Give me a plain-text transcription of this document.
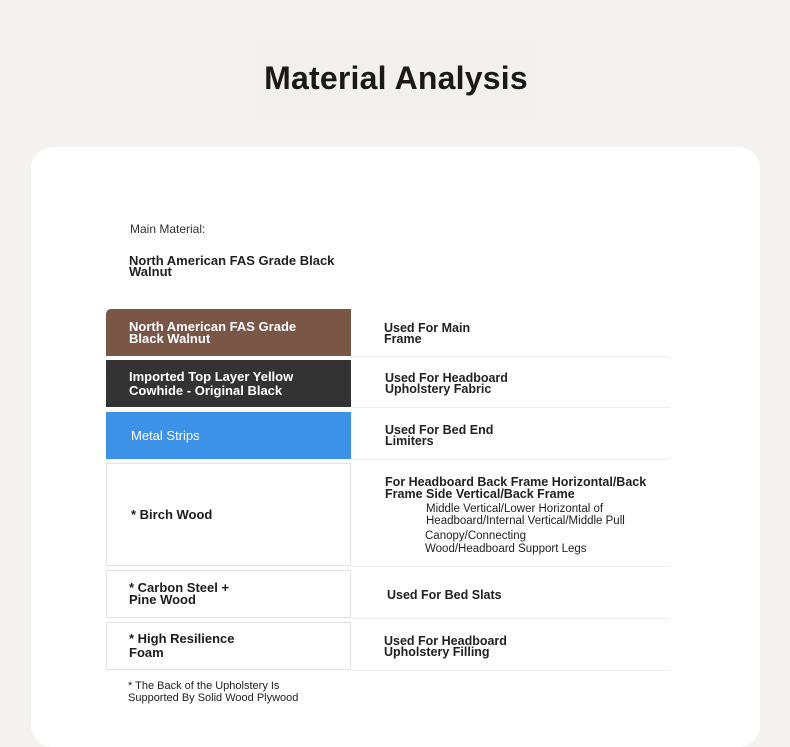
Material Analysis
Main Material:
North American FAS Grade Black Walnut
North American FAS Grade Black Walnut
Used For Main Frame
Imported Top Layer Yellow Cowhide - Original Black
Used For Headboard Upholstery Fabric
Metal Strips	Used For Bed End Limiters
* Birch Wood
For Headboard Back Frame Horizontal/Back Frame Side Vertical/Back Frame
Middle Vertical/Lower Horizontal of Headboard/Internal Vertical/Middle Pull
Canopy/Connecting Wood/Headboard Support Legs
* Carbon Steel + Pine Wood	Used For Bed Slats
* High Resilience Foam
Used For Headboard Upholstery Filling
* The Back of the Upholstery Is Supported By Solid Wood Plywood
